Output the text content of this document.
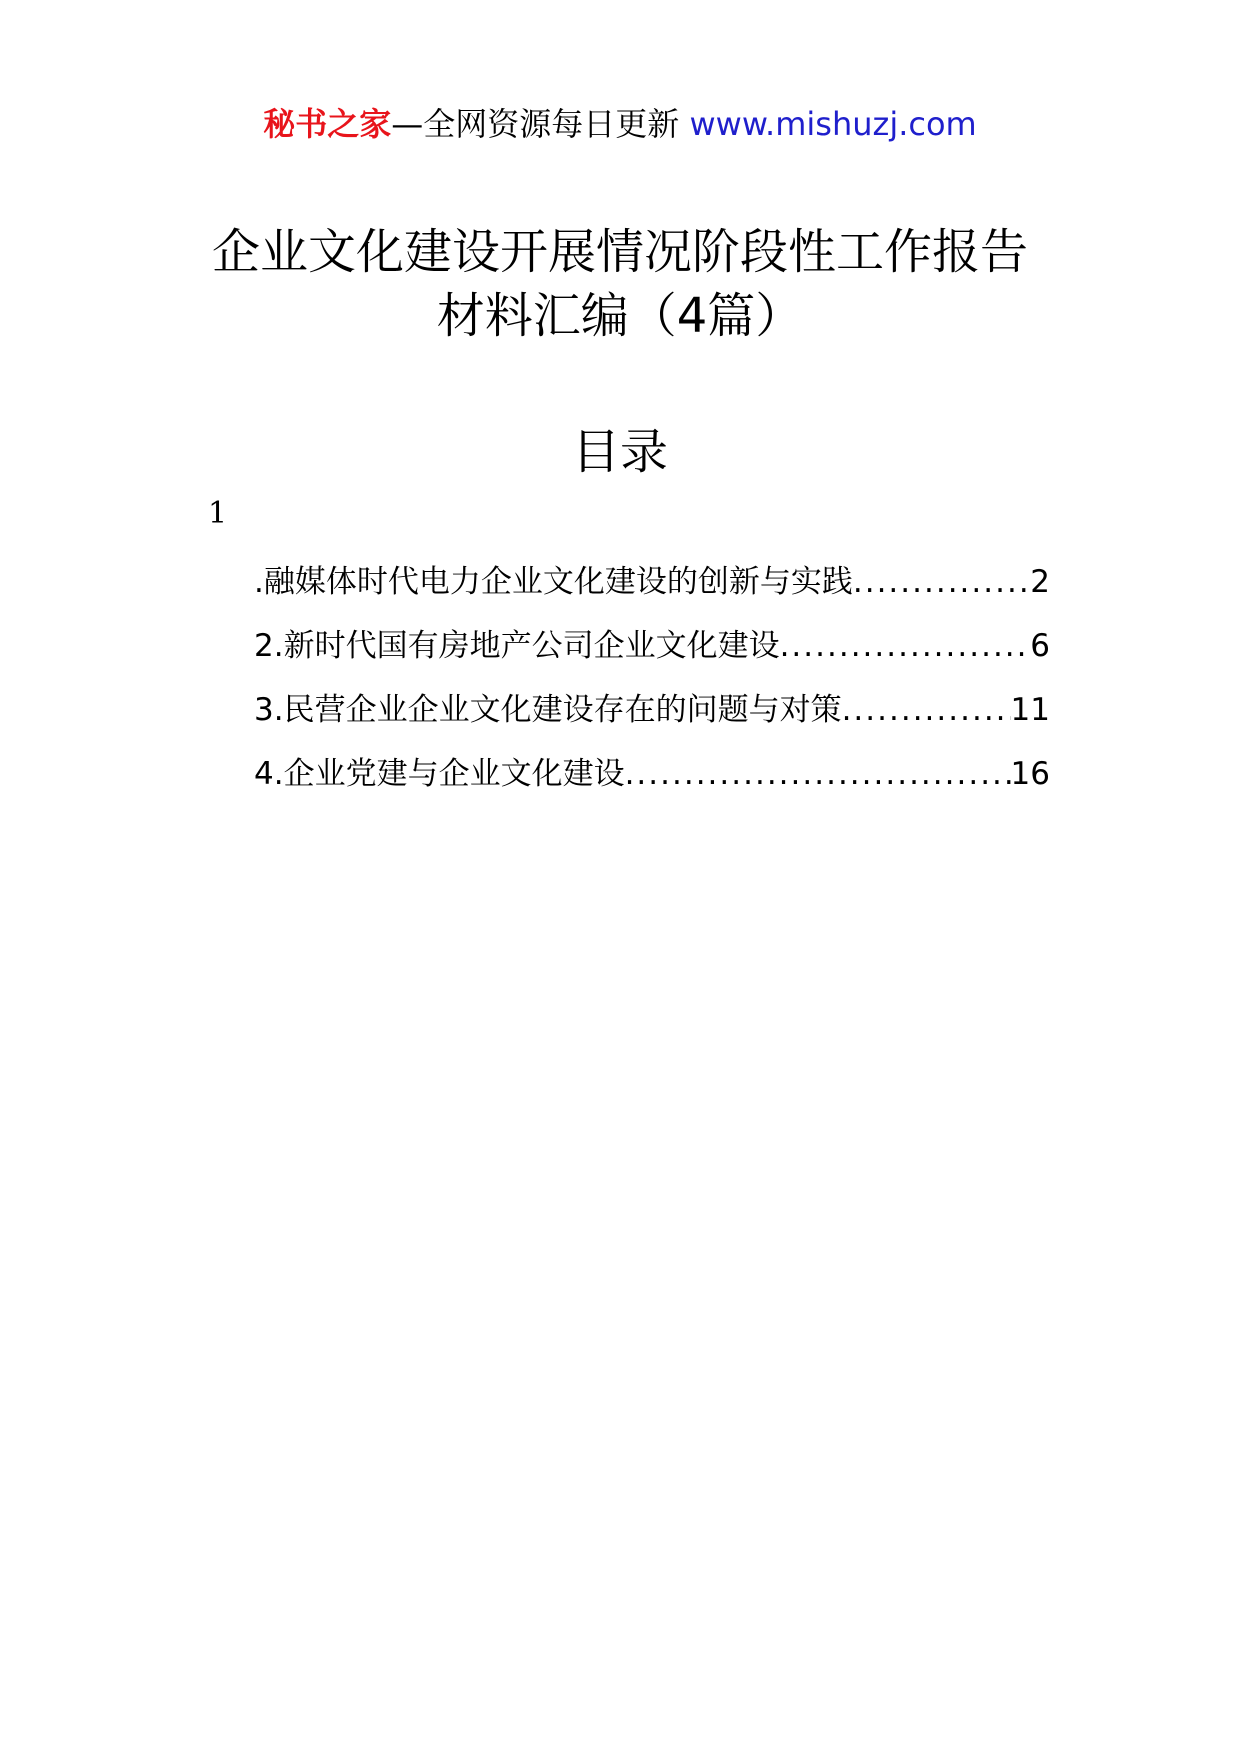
秘书之家—全网资源每日更新 www.mishuzj.com
企业文化建设开展情况阶段性工作报告
材料汇编（4篇）
目录
1
.融媒体时代电力企业文化建设的创新与实践 .....	2
2.新时代国有房地产公司企业文化建设 .....	6
3.民营企业企业文化建设存在的问题与对策 .....	11
4.企业党建与企业文化建设 .....	16
